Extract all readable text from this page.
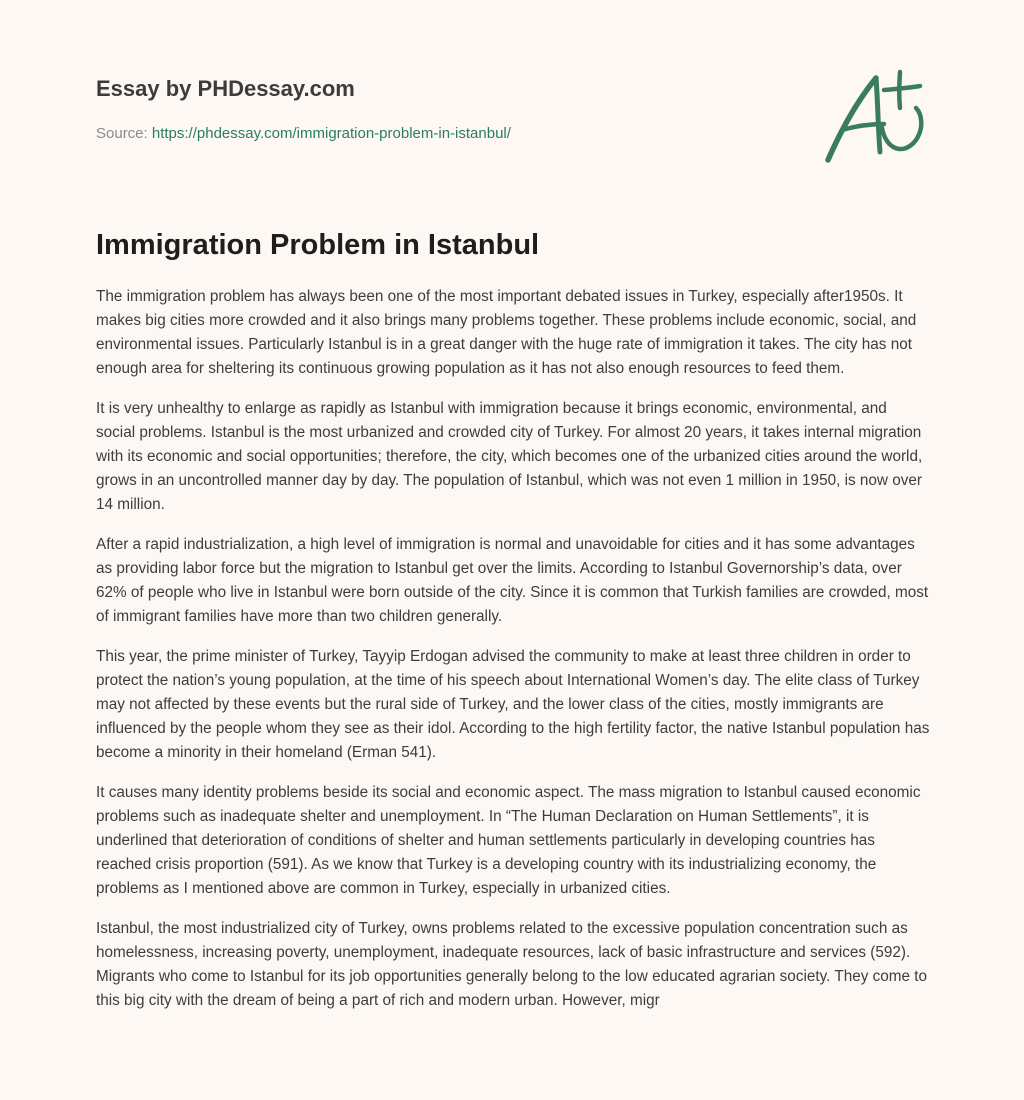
Essay by PHDessay.com
Source: https://phdessay.com/immigration-problem-in-istanbul/
Immigration Problem in Istanbul

The immigration problem has always been one of the most important debated issues in Turkey, especially after1950s. It makes big cities more crowded and it also brings many problems together. These problems include economic, social, and environmental issues. Particularly Istanbul is in a great danger with the huge rate of immigration it takes. The city has not enough area for sheltering its continuous growing population as it has not also enough resources to feed them.

It is very unhealthy to enlarge as rapidly as Istanbul with immigration because it brings economic, environmental, and social problems. Istanbul is the most urbanized and crowded city of Turkey. For almost 20 years, it takes internal migration with its economic and social opportunities; therefore, the city, which becomes one of the urbanized cities around the world, grows in an uncontrolled manner day by day. The population of Istanbul, which was not even 1 million in 1950, is now over 14 million.

After a rapid industrialization, a high level of immigration is normal and unavoidable for cities and it has some advantages as providing labor force but the migration to Istanbul get over the limits. According to Istanbul Governorship’s data, over 62% of people who live in Istanbul were born outside of the city. Since it is common that Turkish families are crowded, most of immigrant families have more than two children generally.

This year, the prime minister of Turkey, Tayyip Erdogan advised the community to make at least three children in order to protect the nation’s young population, at the time of his speech about International Women’s day. The elite class of Turkey may not affected by these events but the rural side of Turkey, and the lower class of the cities, mostly immigrants are influenced by the people whom they see as their idol. According to the high fertility factor, the native Istanbul population has become a minority in their homeland (Erman 541).

It causes many identity problems beside its social and economic aspect. The mass migration to Istanbul caused economic problems such as inadequate shelter and unemployment. In “The Human Declaration on Human Settlements”, it is underlined that deterioration of conditions of shelter and human settlements particularly in developing countries has reached crisis proportion (591). As we know that Turkey is a developing country with its industrializing economy, the problems as I mentioned above are common in Turkey, especially in urbanized cities.

Istanbul, the most industrialized city of Turkey, owns problems related to the excessive population concentration such as homelessness, increasing poverty, unemployment, inadequate resources, lack of basic infrastructure and services (592). Migrants who come to Istanbul for its job opportunities generally belong to the low educated agrarian society. They come to this big city with the dream of being a part of rich and modern urban. However, migr
